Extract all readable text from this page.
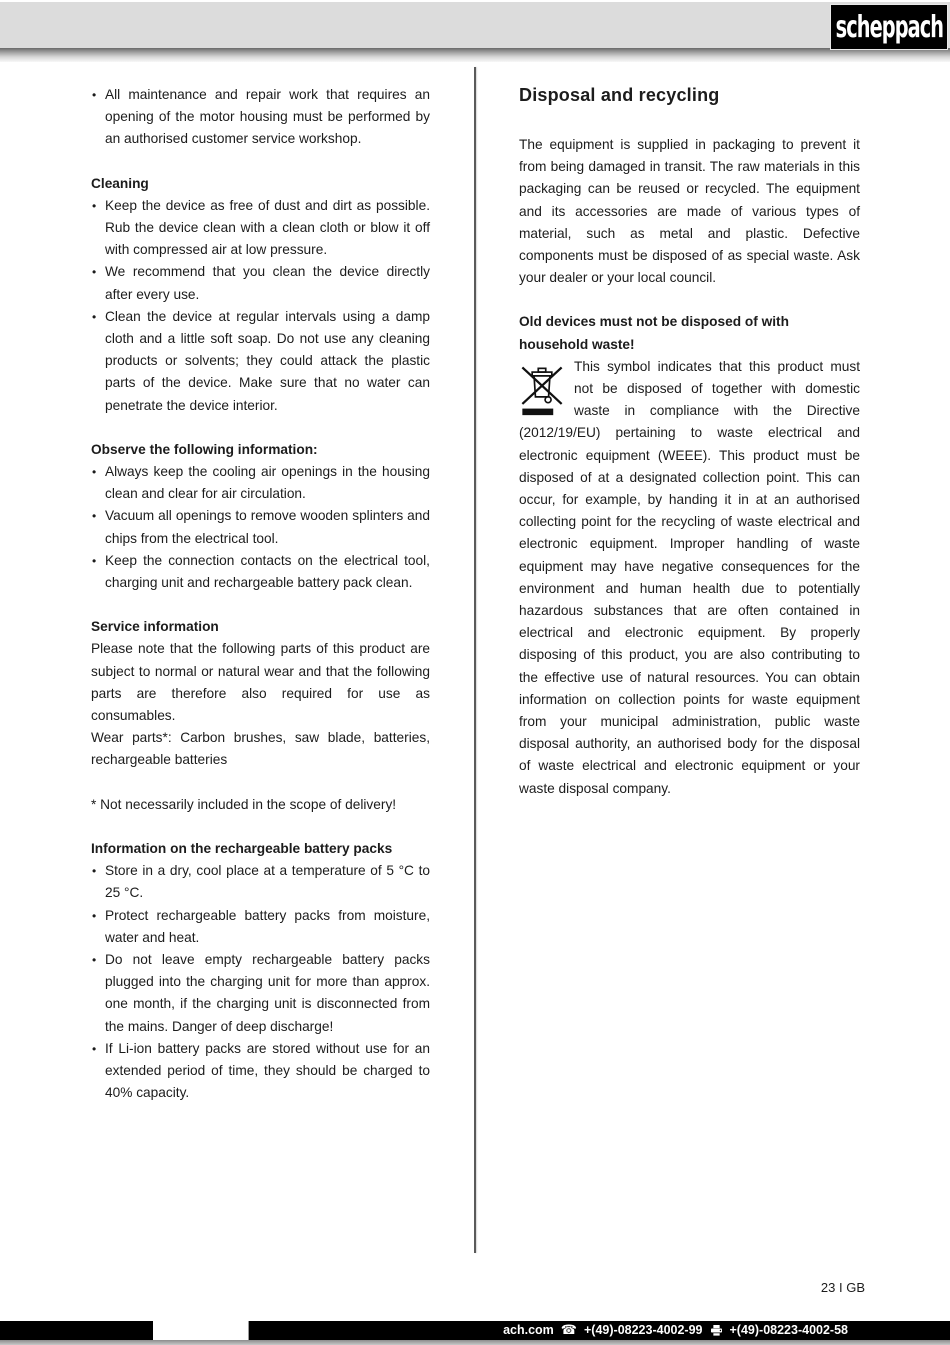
scheppach
• All maintenance and repair work that requires an opening of the motor housing must be performed by an authorised customer service workshop.
Cleaning
• Keep the device as free of dust and dirt as possible. Rub the device clean with a clean cloth or blow it off with compressed air at low pressure.
• We recommend that you clean the device directly after every use.
• Clean the device at regular intervals using a damp cloth and a little soft soap. Do not use any cleaning products or solvents; they could attack the plastic parts of the device. Make sure that no water can penetrate the device interior.
Observe the following information:
• Always keep the cooling air openings in the housing clean and clear for air circulation.
• Vacuum all openings to remove wooden splinters and chips from the electrical tool.
• Keep the connection contacts on the electrical tool, charging unit and rechargeable battery pack clean.
Service information

Please note that the following parts of this product are subject to normal or natural wear and that the following parts are therefore also required for use as consumables.

Wear parts*: Carbon brushes, saw blade, batteries, rechargeable batteries

* Not necessarily included in the scope of delivery!

Information on the rechargeable battery packs
• Store in a dry, cool place at a temperature of 5 °C to 25 °C.
• Protect rechargeable battery packs from moisture, water and heat.
• Do not leave empty rechargeable battery packs plugged into the charging unit for more than approx. one month, if the charging unit is disconnected from the mains. Danger of deep discharge!
• If Li-ion battery packs are stored without use for an extended period of time, they should be charged to 40% capacity.
Disposal and recycling

The equipment is supplied in packaging to prevent it from being damaged in transit. The raw materials in this packaging can be reused or recycled. The equipment and its accessories are made of various types of material, such as metal and plastic. Defective components must be disposed of as special waste. Ask your dealer or your local council.

Old devices must not be disposed of with household waste!
This symbol indicates that this product must not be disposed of together with domestic waste in compliance with the Directive (2012/19/EU) pertaining to waste electrical and electronic equipment (WEEE). This product must be disposed of at a designated collection point. This can occur, for example, by handing it in at an authorised collecting point for the recycling of waste electrical and electronic equipment. Improper handling of waste equipment may have negative consequences for the environment and human health due to potentially hazardous substances that are often contained in electrical and electronic equipment. By properly disposing of this product, you are also contributing to the effective use of natural resources. You can obtain information on collection points for waste equipment from your municipal administration, public waste disposal authority, an authorised body for the disposal of waste electrical and electronic equipment or your waste disposal company.
23 I GB
ach.com ☎ +(49)-08223-4002-99 +(49)-08223-4002-58
